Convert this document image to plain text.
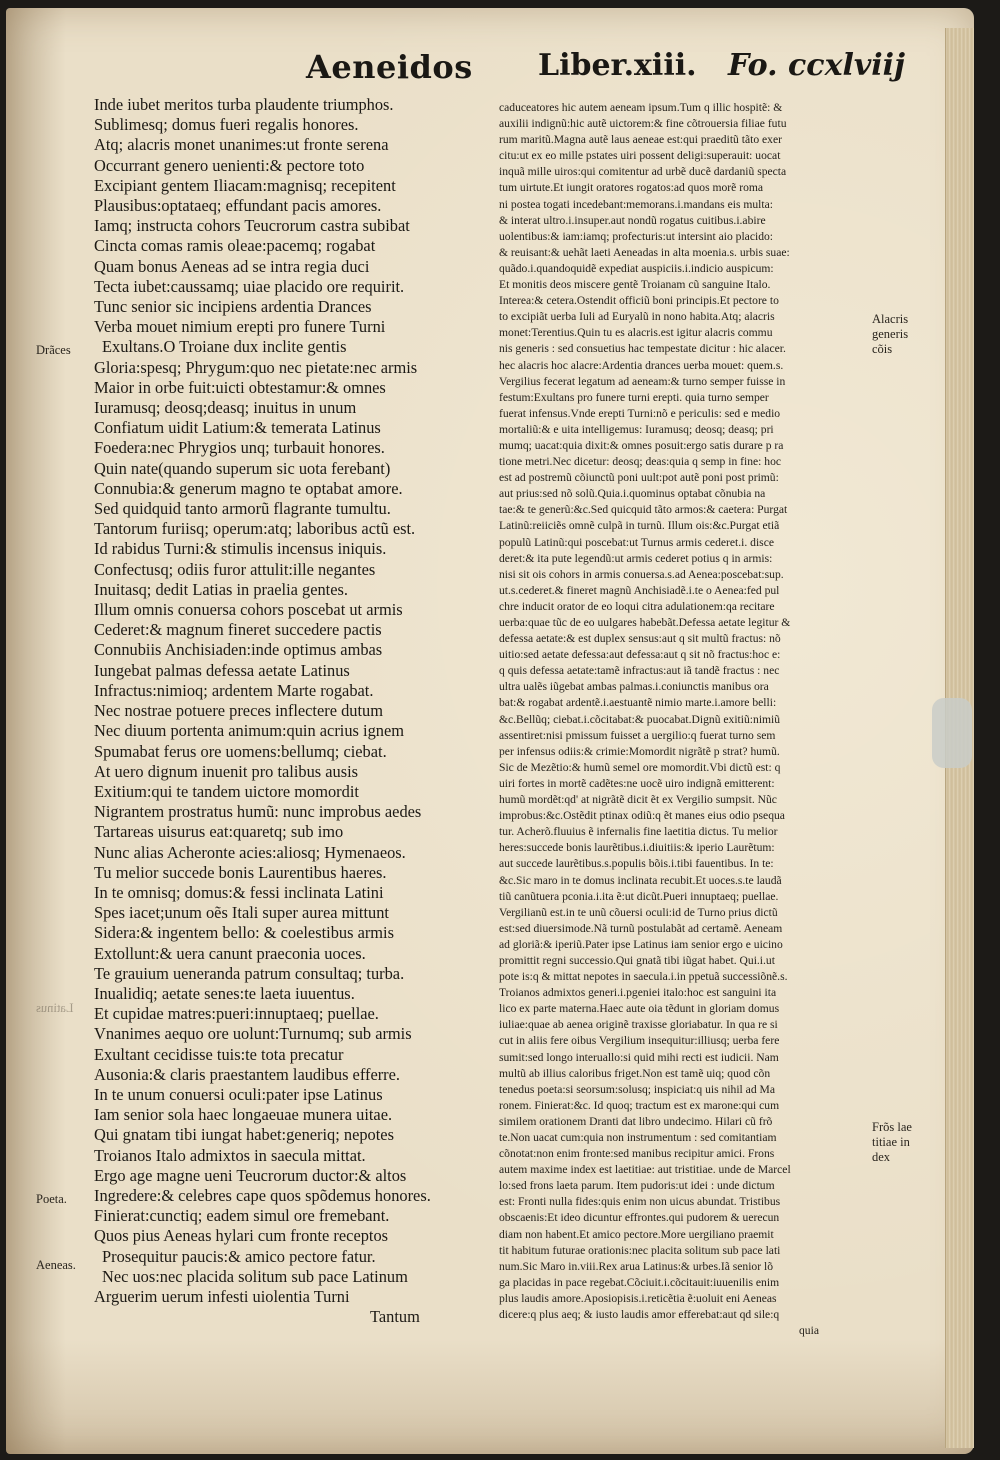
Aeneidos Liber.xiii. Fo. ccxlviij
Inde iubet meritos turba plaudente triumphos.
Sublimesq; domus fueri regalis honores.
Atq; alacris monet unanimes:ut fronte serena
Occurrant genero uenienti:& pectore toto
Excipiant gentem Iliacam:magnisq; recepitent
Plausibus:optataeq; effundant pacis amores.
Iamq; instructa cohors Teucrorum castra subibat
Cincta comas ramis oleae:pacemq; rogabat
Quam bonus Aeneas ad se intra regia duci
Tecta iubet:caussamq; uiae placido ore requirit.
Tunc senior sic incipiens ardentia Drances
Verba mouet nimium erepti pro funere Turni
Exultans.O Troiane dux inclite gentis
Gloria:spesq; Phrygum:quo nec pietate:nec armis
Maior in orbe fuit:uicti obtestamur:& omnes
Iuramusq; deosq;deasq; inuitus in unum
Confiatum uidit Latium:& temerata Latinus
Foedera:nec Phrygios unq; turbauit honores.
Quin nate(quando superum sic uota ferebant)
Connubia:& generum magno te optabat amore.
Sed quidquid tanto armorũ flagrante tumultu.
Tantorum furiisq; operum:atq; laboribus actũ est.
Id rabidus Turni:& stimulis incensus iniquis.
Confectusq; odiis furor attulit:ille negantes
Inuitasq; dedit Latias in praelia gentes.
Illum omnis conuersa cohors poscebat ut armis
Cederet:& magnum fineret succedere pactis
Connubiis Anchisiaden:inde optimus ambas
Iungebat palmas defessa aetate Latinus
Infractus:nimioq; ardentem Marte rogabat.
Nec nostrae potuere preces inflectere dutum
Nec diuum portenta animum:quin acrius ignem
Spumabat ferus ore uomens:bellumq; ciebat.
At uero dignum inuenit pro talibus ausis
Exitium:qui te tandem uictore momordit
Nigrantem prostratus humũ: nunc improbus aedes
Tartareas uisurus eat:quaretq; sub imo
Nunc alias Acheronte acies:aliosq; Hymenaeos.
Tu melior succede bonis Laurentibus haeres.
In te omnisq; domus:& fessi inclinata Latini
Spes iacet;unum oẽs Itali super aurea mittunt
Sidera:& ingentem bello: & coelestibus armis
Extollunt:& uera canunt praeconia uoces.
Te grauium ueneranda patrum consultaq; turba.
Inualidiq; aetate senes:te laeta iuuentus.
Et cupidae matres:pueri:innuptaeq; puellae.
Vnanimes aequo ore uolunt:Turnumq; sub armis
Exultant cecidisse tuis:te tota precatur
Ausonia:& claris praestantem laudibus efferre.
In te unum conuersi oculi:pater ipse Latinus
Iam senior sola haec longaeuae munera uitae.
Qui gnatam tibi iungat habet:generiq; nepotes
Troianos Italo admixtos in saecula mittat.
Ergo age magne ueni Teucrorum ductor:& altos
Ingredere:& celebres cape quos spõdemus honores.
Finierat:cunctiq; eadem simul ore fremebant.
Quos pius Aeneas hylari cum fronte receptos
Prosequitur paucis:& amico pectore fatur.
Nec uos:nec placida solitum sub pace Latinum
Arguerim uerum infesti uiolentia Turni
Tantum
caduceatores hic autem aeneam ipsum.Tum q illic hospitẽ: &
auxilii indignũ:hic autẽ uictorem:& fine cõtrouersia filiae futu
rum maritũ.Magna autẽ laus aeneae est:qui praeditũ tãto exer
citu:ut ex eo mille pstates uiri possent deligi:superauit: uocat
inquã mille uiros:qui comitentur ad urbẽ ducẽ dardaniũ specta
tum uirtute.Et iungit oratores rogatos:ad quos morẽ roma
ni postea togati incedebant:memorans.i.mandans eis multa:
& interat ultro.i.insuper.aut nondũ rogatus cuitibus.i.abire
uolentibus:& iam:iamq; profecturis:ut intersint aio placido:
& reuisant:& uehãt laeti Aeneadas in alta moenia.s. urbis suae:
quãdo.i.quandoquidẽ expediat auspiciis.i.indicio auspicum:
Et monitis deos miscere gentẽ Troianam cũ sanguine Italo.
Interea:& cetera.Ostendit officiũ boni principis.Et pectore to
to excipiãt uerba Iuli ad Euryalũ in nono habita.Atq; alacris
monet:Terentius.Quin tu es alacris.est igitur alacris commu
nis generis : sed consuetius hac tempestate dicitur : hic alacer.
hec alacris hoc alacre:Ardentia drances uerba mouet: quem.s.
Vergilius fecerat legatum ad aeneam:& turno semper fuisse in
festum:Exultans pro funere turni erepti. quia turno semper
fuerat infensus.Vnde erepti Turni:nõ e periculis: sed e medio
mortaliũ:& e uita intelligemus: Iuramusq; deosq; deasq; pri
mumq; uacat:quia dixit:& omnes posuit:ergo satis durare p ra
tione metri.Nec dicetur: deosq; deas:quia q semp in fine: hoc
est ad postremũ cõiunctũ poni uult:pot autẽ poni post primũ:
aut prius:sed nõ solũ.Quia.i.quominus optabat cõnubia na
tae:& te generũ:&c.Sed quicquid tãto armos:& caetera: Purgat
Latinũ:reiiciẽs omnẽ culpã in turnũ. Illum ois:&c.Purgat etiã
populũ Latinũ:qui poscebat:ut Turnus armis cederet.i. disce
deret:& ita pute legendũ:ut armis cederet potius q in armis:
nisi sit ois cohors in armis conuersa.s.ad Aenea:poscebat:sup.
ut.s.cederet.& fineret magnũ Anchisiadẽ.i.te o Aenea:fed pul
chre inducit orator de eo loqui citra adulationem:qa recitare
uerba:quae tũc de eo uulgares habebãt.Defessa aetate legitur &
defessa aetate:& est duplex sensus:aut q sit multũ fractus: nõ
uitio:sed aetate defessa:aut defessa:aut q sit nõ fractus:hoc e:
q quis defessa aetate:tamẽ infractus:aut iã tandẽ fractus : nec
ultra ualẽs iũgebat ambas palmas.i.coniunctis manibus ora
bat:& rogabat ardentẽ.i.aestuantẽ nimio marte.i.amore belli:
&c.Bellũq; ciebat.i.cõcitabat:& puocabat.Dignũ exitiũ:nimiũ
assentiret:nisi pmissum fuisset a uergilio:q fuerat turno sem
per infensus odiis:& crimie:Momordit nigrãtẽ p strat? humũ.
Sic de Mezẽtio:& humũ semel ore momordit.Vbi dictũ est: q
uiri fortes in mortẽ cadẽtes:ne uocẽ uiro indignã emitterent:
humũ mordẽt:qd' at nigrãtẽ dicit ẽt ex Vergilio sumpsit. Nũc
improbus:&c.Ostẽdit ptinax odiũ:q ẽt manes eius odio psequa
tur. Acherõ.fluuius ẽ infernalis fine laetitia dictus. Tu melior
heres:succede bonis laurẽtibus.i.diuitiis:& iperio Laurẽtum:
aut succede laurẽtibus.s.populis bõis.i.tibi fauentibus. In te:
&c.Sic maro in te domus inclinata recubit.Et uoces.s.te laudã
tiũ canũtuera pconia.i.ita ẽ:ut dicũt.Pueri innuptaeq; puellae.
Vergilianũ est.in te unũ cõuersi oculi:id de Turno prius dictũ
est:sed diuersimode.Nã turnũ postulabãt ad certamẽ. Aeneam
ad gloriã:& iperiũ.Pater ipse Latinus iam senior ergo e uicino
promittit regni successio.Qui gnatã tibi iũgat habet. Qui.i.ut
pote is:q & mittat nepotes in saecula.i.in ppetuã successiõnẽ.s.
Troianos admixtos generi.i.pgeniei italo:hoc est sanguini ita
lico ex parte materna.Haec aute oia tẽdunt in gloriam domus
iuliae:quae ab aenea originẽ traxisse gloriabatur. In qua re si
cut in aliis fere oibus Vergilium insequitur:illiusq; uerba fere
sumit:sed longo interuallo:si quid mihi recti est iudicii. Nam
multũ ab illius caloribus friget.Non est tamẽ uiq; quod cõn
tenedus poeta:si seorsum:solusq; inspiciat:q uis nihil ad Ma
ronem. Finierat:&c. Id quoq; tractum est ex marone:qui cum
similem orationem Dranti dat libro undecimo. Hilari cũ frõ
te.Non uacat cum:quia non instrumentum : sed comitantiam
cõnotat:non enim fronte:sed manibus recipitur amici. Frons
autem maxime index est laetitiae: aut tristitiae. unde de Marcel
lo:sed frons laeta parum. Item pudoris:ut idei : unde dictum
est: Fronti nulla fides:quis enim non uicus abundat. Tristibus
obscaenis:Et ideo dicuntur effrontes.qui pudorem & uerecun
diam non habent.Et amico pectore.More uergiliano praemit
tit habitum futurae orationis:nec placita solitum sub pace lati
num.Sic Maro in.viii.Rex arua Latinus:& urbes.Iã senior lõ
ga placidas in pace regebat.Cõciuit.i.cõcitauit:iuuenilis enim
plus laudis amore.Aposiopisis.i.reticẽtia ẽ:uoluit eni Aeneas
dicere:q plus aeq; & iusto laudis amor efferebat:aut qd sile:q
quia
Drãces
Latinus
Poeta.
Aeneas.

Alacris

generis

cõis

Frõs lae

titiae in

dex
